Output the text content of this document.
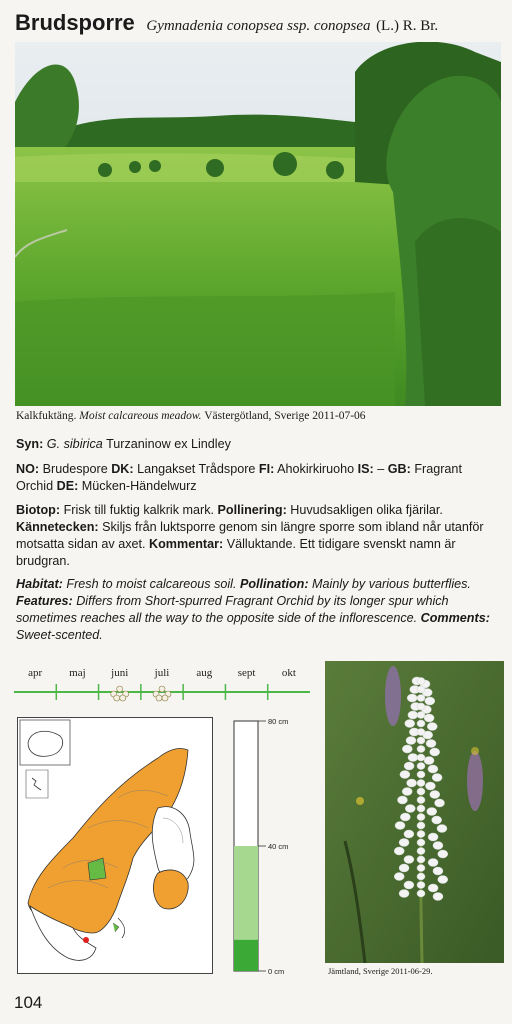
Brudsporre Gymnadenia conopsea ssp. conopsea (L.) R. Br.
Kalkfuktäng. Moist calcareous meadow. Västergötland, Sverige 2011-07-06
Syn: G. sibirica Turzaninow ex Lindley
NO: Brudespore DK: Langakset Trådspore FI: Ahokirkiruoho IS: – GB: Fragrant Orchid DE: Mücken-Händelwurz
Biotop: Frisk till fuktig kalkrik mark. Pollinering: Huvudsakligen olika fjärilar. Kännetecken: Skiljs från luktsporre genom sin längre sporre som ibland når utanför motsatta sidan av axet. Kommentar: Välluktande. Ett tidigare svenskt namn är brudgran.
Habitat: Fresh to moist calcareous soil. Pollination: Mainly by various butterflies. Features: Differs from Short-spurred Fragrant Orchid by its longer spur which sometimes reaches all the way to the opposite side of the inflorescence. Comments: Sweet-scented.
apr maj juni juli aug sept okt
80 cm
40 cm
0 cm	Jämtland, Sverige 2011-06-29.
104
